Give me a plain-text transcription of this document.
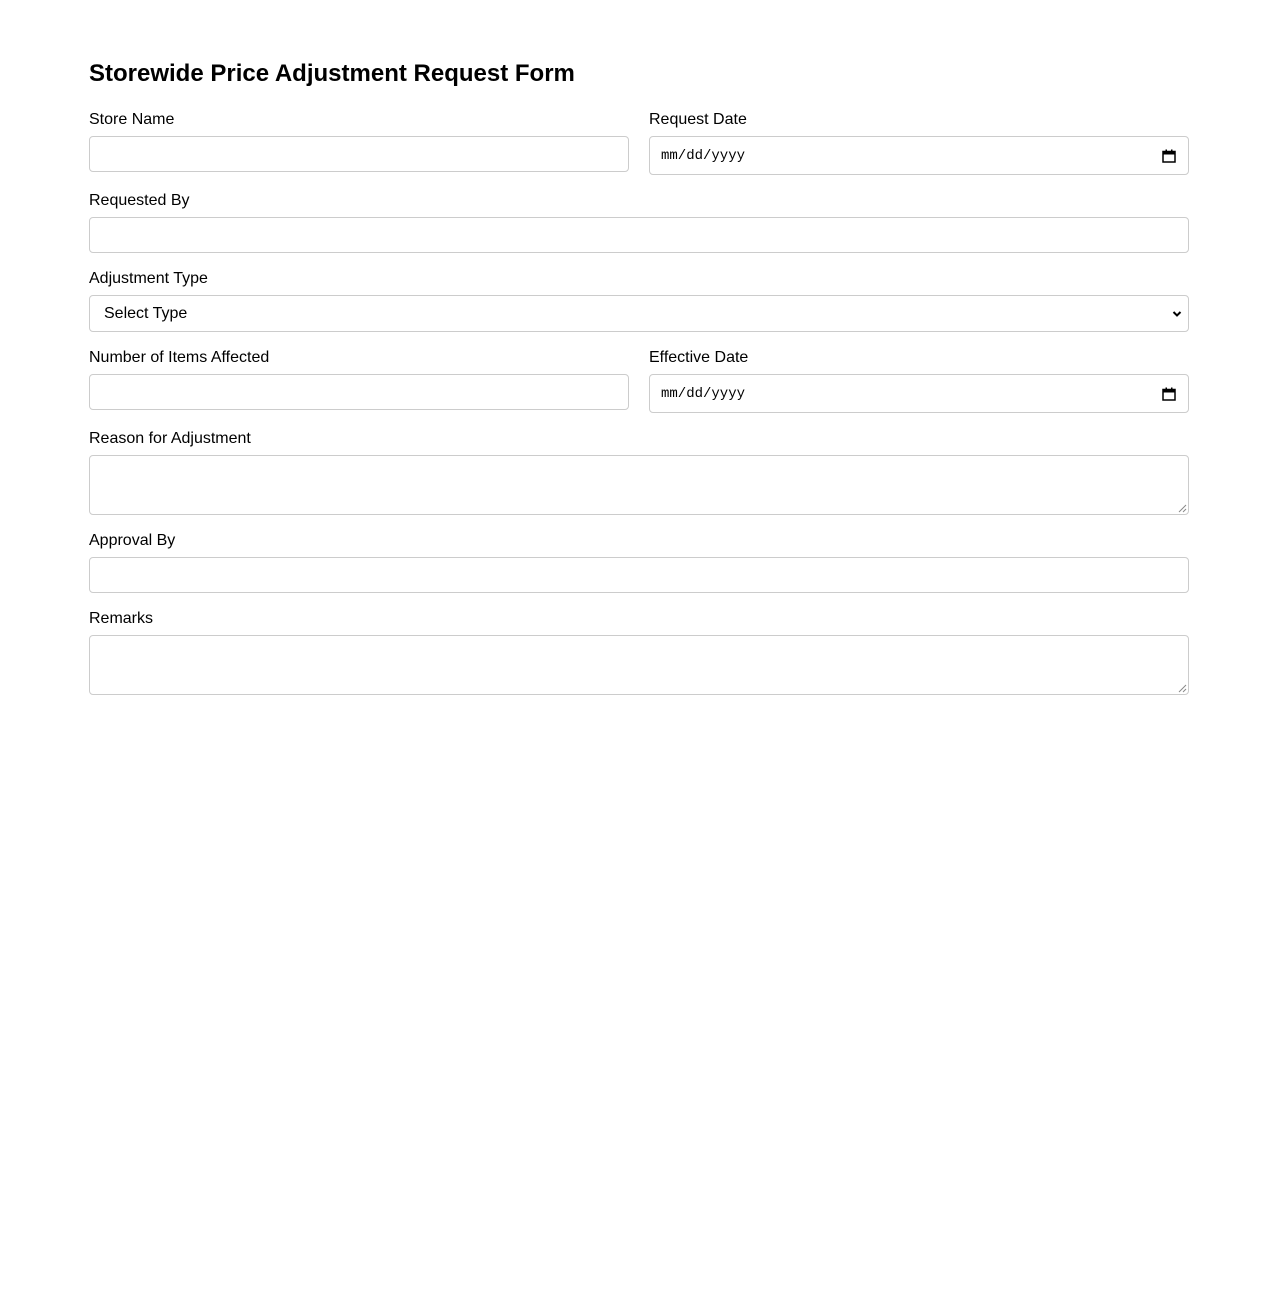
Storewide Price Adjustment Request Form
Store Name	Request Date
mm/dd/yyyy
Requested By
Adjustment Type
Select Type
Number of Items Affected	Effective Date
mm/dd/yyyy
Reason for Adjustment
Approval By
Remarks
